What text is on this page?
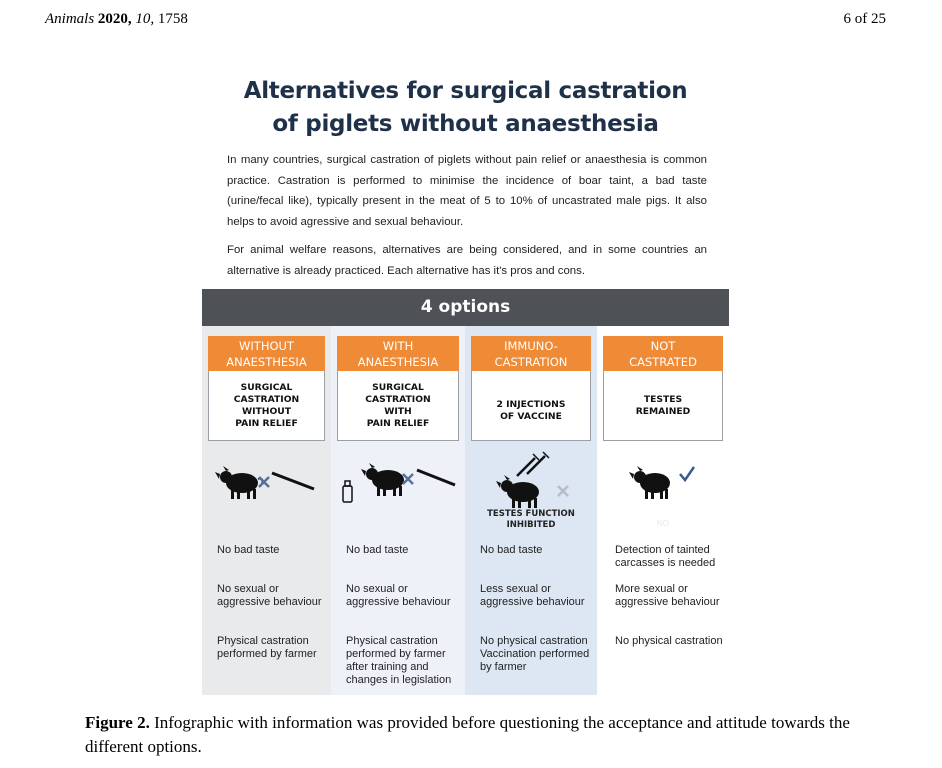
Animals 2020, 10, 1758	6 of 25
Alternatives for surgical castration
of piglets without anaesthesia
In many countries, surgical castration of piglets without pain relief or anaesthesia is common practice. Castration is performed to minimise the incidence of boar taint, a bad taste (urine/fecal like), typically present in the meat of 5 to 10% of uncastrated male pigs. It also helps to avoid agressive and sexual behaviour.
For animal welfare reasons, alternatives are being considered, and in some countries an alternative is already practiced. Each alternative has it's pros and cons.
4 options
WITHOUT
ANAESTHESIA
SURGICAL
CASTRATION
WITHOUT
PAIN RELIEF
No bad taste
No sexual or aggressive behaviour
Physical castration performed by farmer
WITH
ANAESTHESIA
SURGICAL
CASTRATION
WITH
PAIN RELIEF
No bad taste
No sexual or aggressive behaviour
Physical castration performed by farmer after training and changes in legislation
IMMUNO-
CASTRATION
2 INJECTIONS
OF VACCINE
TESTES FUNCTION
INHIBITED
No bad taste
Less sexual or aggressive behaviour
No physical castration Vaccination performed by farmer
NOT
CASTRATED
TESTES
REMAINED
NO
Detection of tainted carcasses is needed
More sexual or aggressive behaviour
No physical castration
Figure 2. Infographic with information was provided before questioning the acceptance and attitude towards the different options.
